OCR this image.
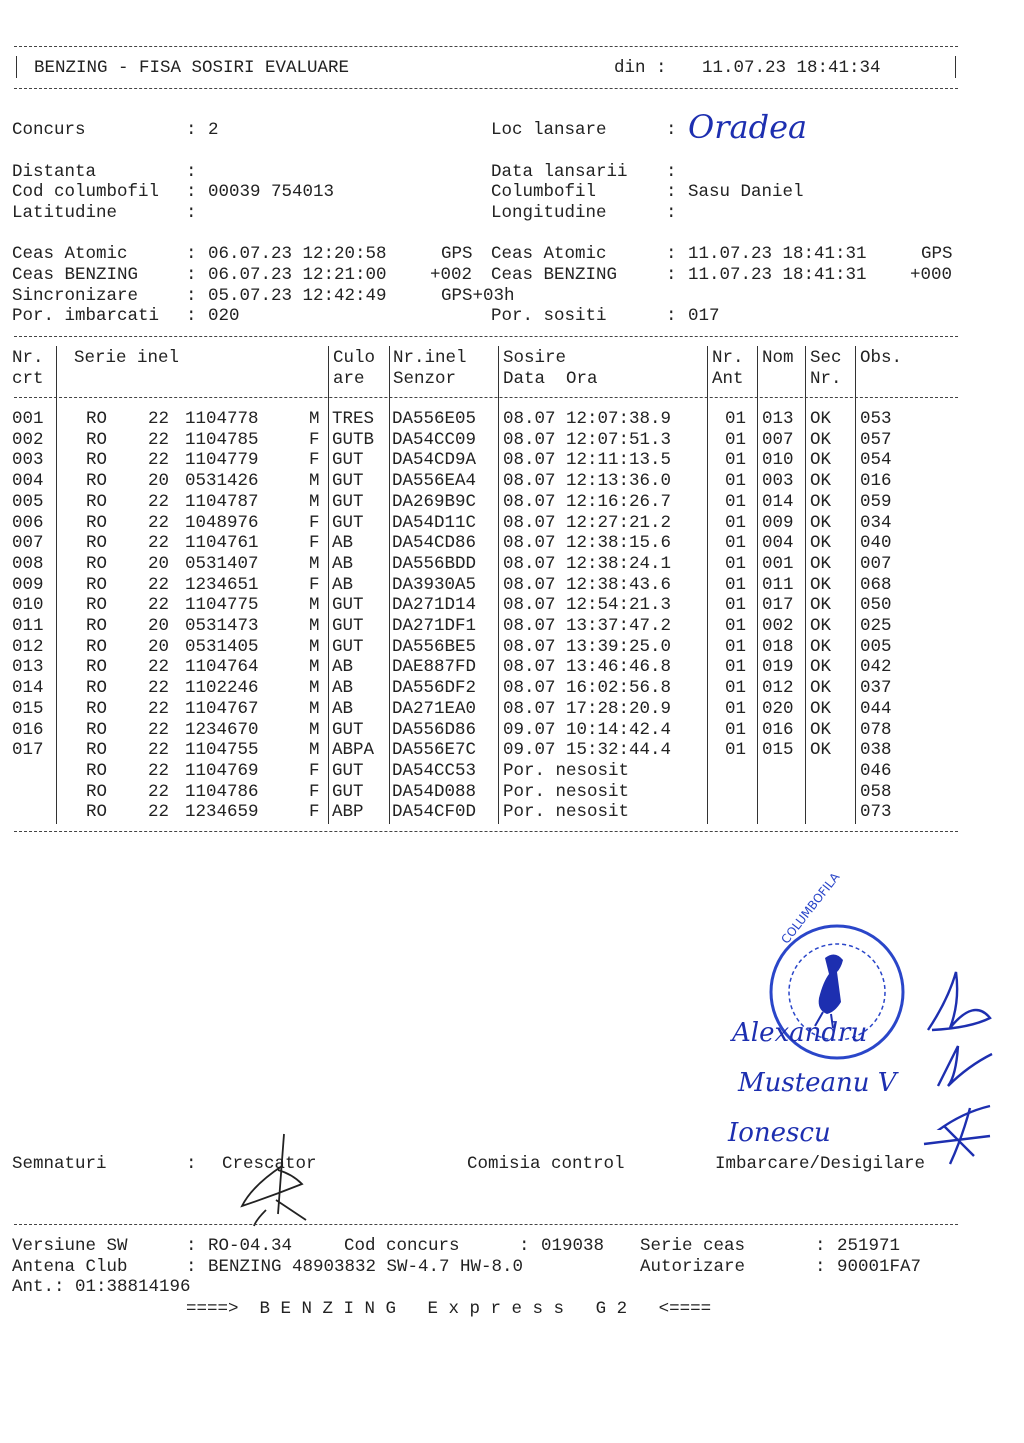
BENZING - FISA SOSIRI EVALUARE	din : 11.07.23 18:41:34
Concurs	: 2	Loc lansare	: Oradea
Distanta	:	Data lansarii :
Cod columbofil : 00039 754013	Columbofil	: Sasu Daniel
Latitudine	:	Longitudine	:
Ceas Atomic	: 06.07.23 12:20:58	GPS
Ceas BENZING	: 06.07.23 12:21:00 +002
Sincronizare	: 05.07.23 12:42:49	GPS+03h
Por. imbarcati : 020
Ceas Atomic	: 11.07.23 18:41:31	GPS
Ceas BENZING	: 11.07.23 18:41:31 +000
Por. sositi	: 017
Nr.
crt
Serie inel	Culo
are
Nr.inel
Senzor
Sosire
Data  Ora
Nr.
Ant
Nom Sec
Nr.
Obs.
001 RO 22 1104778	M TRES DA556E05 08.07 12:07:38.9	01 013 OK 053
002 RO 22 1104785	F GUTB DA54CC09 08.07 12:07:51.3	01 007 OK 057
003 RO 22 1104779	F GUT DA54CD9A 08.07 12:11:13.5	01 010 OK 054
004 RO 20 0531426	M GUT DA556EA4 08.07 12:13:36.0	01 003 OK 016
005 RO 22 1104787	M GUT DA269B9C 08.07 12:16:26.7	01 014 OK 059
006 RO 22 1048976	F GUT DA54D11C 08.07 12:27:21.2	01 009 OK 034
007 RO 22 1104761	F AB DA54CD86 08.07 12:38:15.6	01 004 OK 040
008 RO 20 0531407	M AB DA556BDD 08.07 12:38:24.1	01 001 OK 007
009 RO 22 1234651	F AB DA3930A5 08.07 12:38:43.6	01 011 OK 068
010 RO 22 1104775	M GUT DA271D14 08.07 12:54:21.3	01 017 OK 050
011 RO 20 0531473	M GUT DA271DF1 08.07 13:37:47.2	01 002 OK 025
012 RO 20 0531405	M GUT DA556BE5 08.07 13:39:25.0	01 018 OK 005
013 RO 22 1104764	M AB DAE887FD 08.07 13:46:46.8	01 019 OK 042
014 RO 22 1102246	M AB DA556DF2 08.07 16:02:56.8	01 012 OK 037
015 RO 22 1104767	M AB DA271EA0 08.07 17:28:20.9	01 020 OK 044
016 RO 22 1234670	M GUT DA556D86 09.07 10:14:42.4	01 016 OK 078
017 RO 22 1104755	M ABPA DA556E7C 09.07 15:32:44.4	01 015 OK 038
RO 22 1104769	F GUT DA54CC53 Por. nesosit	046
RO 22 1104786	F GUT DA54D088 Por. nesosit	058
RO 22 1234659	F ABP DA54CF0D Por. nesosit	073
COLUMBOFILA
Alexandru
Musteanu V
Ionescu
Semnaturi	: Crescator	Comisia control	Imbarcare/Desigilare
Versiune SW	: RO-04.34	Cod concurs	: 019038 Serie ceas	: 251971
Antena Club	: BENZING 48903832 SW-4.7 HW-8.0	Autorizare	: 90001FA7
Ant.: 01:38814196
====>  B E N Z I N G   E x p r e s s   G 2   <====
